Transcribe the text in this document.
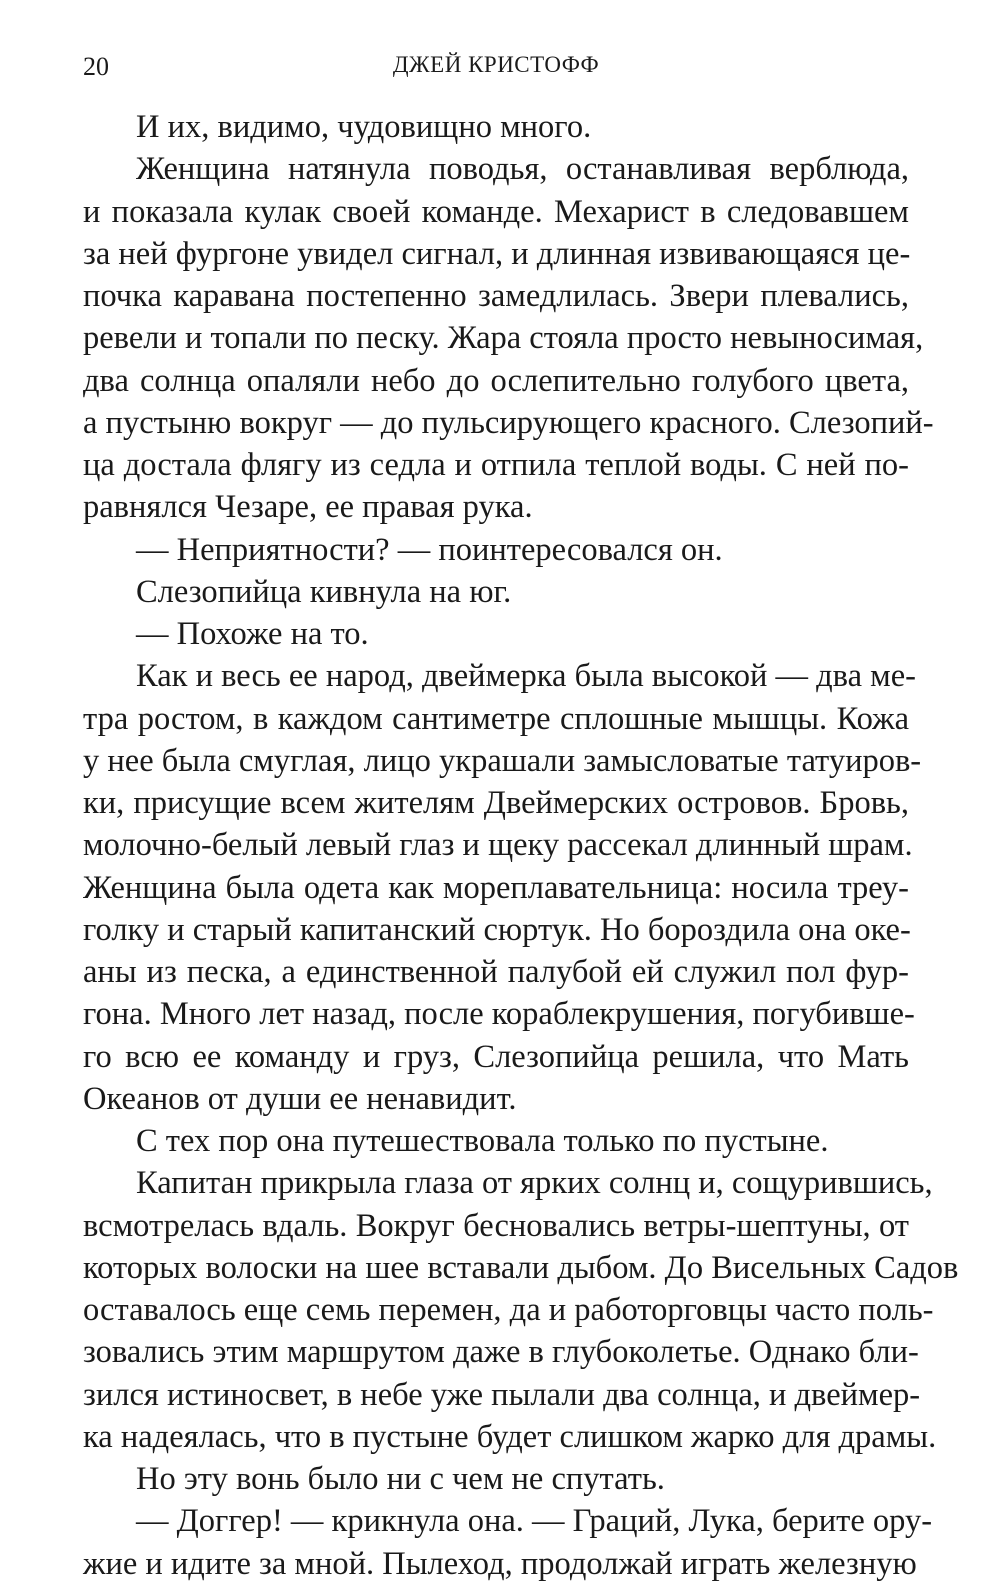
20	ДЖЕЙ КРИСТОФФ
И их, видимо, чудовищно много.
Женщина натянула поводья, останавливая верблюда,
и показала кулак своей команде. Мехарист в следовавшем
за ней фургоне увидел сигнал, и длинная извивающаяся це-
почка каравана постепенно замедлилась. Звери плевались,
ревели и топали по песку. Жара стояла просто невыносимая,
два солнца опаляли небо до ослепительно голубого цвета,
а пустыню вокруг — до пульсирующего красного. Слезопий-
ца достала флягу из седла и отпила теплой воды. С ней по-
равнялся Чезаре, ее правая рука.
— Неприятности? — поинтересовался он.
Слезопийца кивнула на юг.
— Похоже на то.
Как и весь ее народ, двеймерка была высокой — два ме-
тра ростом, в каждом сантиметре сплошные мышцы. Кожа
у нее была смуглая, лицо украшали замысловатые татуиров-
ки, присущие всем жителям Двеймерских островов. Бровь,
молочно-белый левый глаз и щеку рассекал длинный шрам.
Женщина была одета как мореплавательница: носила треу-
голку и старый капитанский сюртук. Но бороздила она оке-
аны из песка, а единственной палубой ей служил пол фур-
гона. Много лет назад, после кораблекрушения, погубивше-
го всю ее команду и груз, Слезопийца решила, что Мать
Океанов от души ее ненавидит.
С тех пор она путешествовала только по пустыне.
Капитан прикрыла глаза от ярких солнц и, сощурившись,
всмотрелась вдаль. Вокруг бесновались ветры-шептуны, от
которых волоски на шее вставали дыбом. До Висельных Садов
оставалось еще семь перемен, да и работорговцы часто поль-
зовались этим маршрутом даже в глубоколетье. Однако бли-
зился истиносвет, в небе уже пылали два солнца, и двеймер-
ка надеялась, что в пустыне будет слишком жарко для драмы.
Но эту вонь было ни с чем не спутать.
— Доггер! — крикнула она. — Граций, Лука, берите ору-
жие и идите за мной. Пылеход, продолжай играть железную
